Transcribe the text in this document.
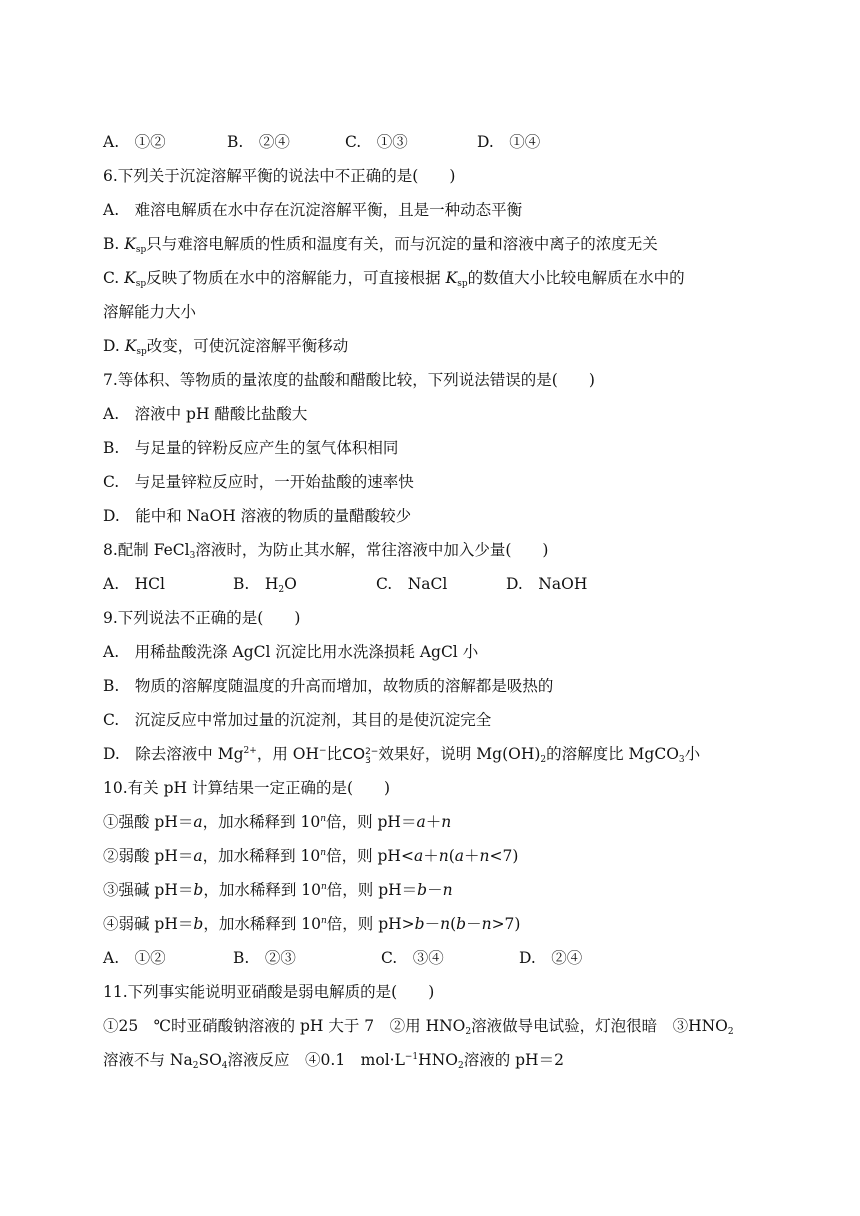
A.　①②	B.　②④	C.　①③	D.　①④
6.下列关于沉淀溶解平衡的说法中不正确的是(　　)
A.　难溶电解质在水中存在沉淀溶解平衡，且是一种动态平衡
B. $K_{sp}$只与难溶电解质的性质和温度有关，而与沉淀的量和溶液中离子的浓度无关
C. $K_{sp}$反映了物质在水中的溶解能力，可直接根据 $K_{sp}$的数值大小比较电解质在水中的
溶解能力大小
D. $K_{sp}$改变，可使沉淀溶解平衡移动
7.等体积、等物质的量浓度的盐酸和醋酸比较，下列说法错误的是(　　)
A.　溶液中 pH 醋酸比盐酸大
B.　与足量的锌粉反应产生的氢气体积相同
C.　与足量锌粒反应时，一开始盐酸的速率快
D.　能中和 NaOH 溶液的物质的量醋酸较少
8.配制 FeCl$_3$溶液时，为防止其水解，常往溶液中加入少量(　　)
A.　HCl	B.　$H_2O$	C.　NaCl	D.　NaOH
9.下列说法不正确的是(　　)
A.　用稀盐酸洗涤 AgCl 沉淀比用水洗涤损耗 AgCl 小
B.　物质的溶解度随温度的升高而增加，故物质的溶解都是吸热的
C.　沉淀反应中常加过量的沉淀剂，其目的是使沉淀完全
D.　除去溶液中 $Mg^{2+}$，用 OH−比CO 2−
3 效果好，说明 $Mg(OH)_2$的溶解度比 MgCO$_3$小
10.有关 pH 计算结果一定正确的是(　　)
①强酸 pH＝a，加水稀释到 10$^n$倍，则 pH＝a＋n
②弱酸 pH＝a，加水稀释到 10$^n$倍，则 pH<a＋n(a＋n<7)
③强碱 pH＝b，加水稀释到 10$^n$倍，则 pH＝b－n
④弱碱 pH＝b，加水稀释到 10$^n$倍，则 pH>b－n(b－n>7)
A.　①②	B.　②③	C.　③④	D.　②④
11.下列事实能说明亚硝酸是弱电解质的是(　　)
①25　℃时亚硝酸钠溶液的 pH 大于 7　②用 $HNO_2$溶液做导电试验，灯泡很暗　$③HNO_2$
溶液不与 $Na_2SO_4$溶液反应　④0.1　$mol\cdot L^{-1}HNO_2$溶液的 pH＝2
